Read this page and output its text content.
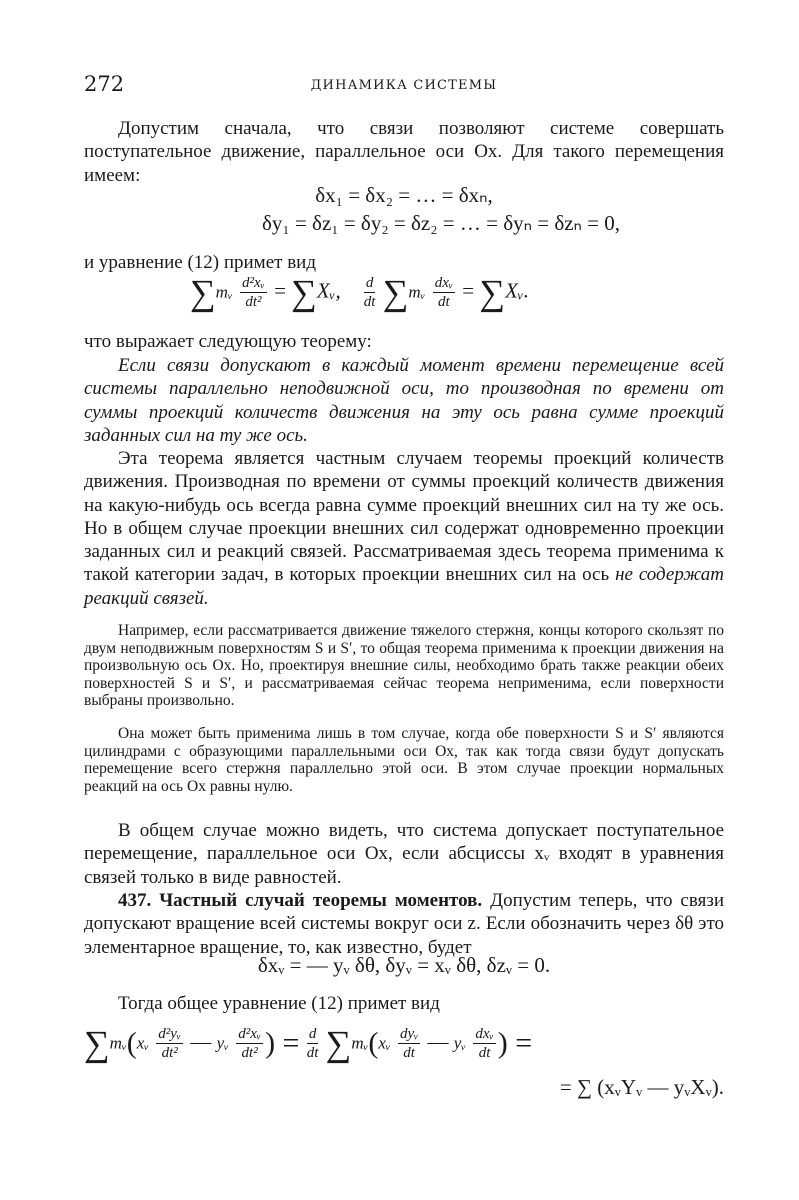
272	ДИНАМИКА СИСТЕМЫ

Допустим сначала, что связи позволяют системе совершать поступательное движение, параллельное оси Ox. Для такого перемещения имеем:

δx₁ = δx₂ = … = δxₙ,
δy₁ = δz₁ = δy₂ = δz₂ = … = δyₙ = δzₙ = 0,

и уравнение (12) примет вид

∑mᵥ $\frac{\text{d²xᵥ}}{\text{dt²}}$ = ∑Xᵥ, $\frac{d}{dt}$ ∑mᵥ $\frac{\text{dxᵥ}}{dt}$ = ∑Xᵥ.

что выражает следующую теорему:

Если связи допускают в каждый момент времени перемещение всей системы параллельно неподвижной оси, то производная по времени от суммы проекций количеств движения на эту ось равна сумме проекций заданных сил на ту же ось.

Эта теорема является частным случаем теоремы проекций количеств движения. Производная по времени от суммы проекций количеств движения на какую-нибудь ось всегда равна сумме проекций внешних сил на ту же ось. Но в общем случае проекции внешних сил содержат одновременно проекции заданных сил и реакций связей. Рассматриваемая здесь теорема применима к такой категории задач, в которых проекции внешних сил на ось не содержат реакций связей.

Например, если рассматривается движение тяжелого стержня, концы которого скользят по двум неподвижным поверхностям S и S′, то общая теорема применима к проекции движения на произвольную ось Ox. Но, проектируя внешние силы, необходимо брать также реакции обеих поверхностей S и S′, и рассматриваемая сейчас теорема неприменима, если поверхности выбраны произвольно.

Она может быть применима лишь в том случае, когда обе поверхности S и S′ являются цилиндрами с образующими параллельными оси Ox, так как тогда связи будут допускать перемещение всего стержня параллельно этой оси. В этом случае проекции нормальных реакций на ось Ox равны нулю.

В общем случае можно видеть, что система допускает поступательное перемещение, параллельное оси Ox, если абсциссы xᵥ входят в уравнения связей только в виде равностей.

437. Частный случай теоремы моментов. Допустим теперь, что связи допускают вращение всей системы вокруг оси z. Если обозначить через δθ это элементарное вращение, то, как известно, будет

δxᵥ = — yᵥ δθ, δyᵥ = xᵥ δθ, δzᵥ = 0.

Тогда общее уравнение (12) примет вид

∑mᵥ(xᵥ $\frac{\text{d²yᵥ}}{\text{dt²}}$ — yᵥ $\frac{\text{d²xᵥ}}{\text{dt²}}$ ) = $\frac{d}{dt}$ ∑mᵥ(xᵥ $\frac{\text{dyᵥ}}{dt}$ — yᵥ $\frac{\text{dxᵥ}}{dt}$ ) =
= ∑ (xᵥYᵥ — yᵥXᵥ).
